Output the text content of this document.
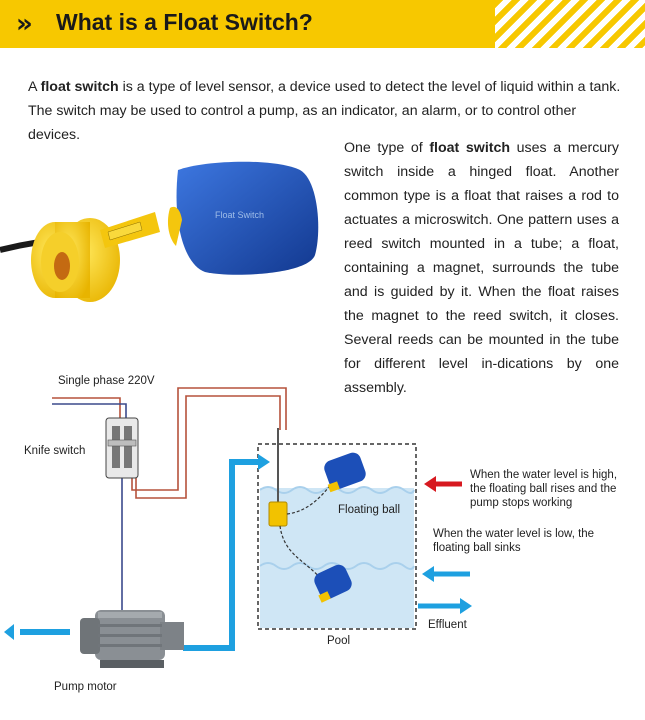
» What is a Float Switch?
A float switch is a type of level sensor, a device used to detect the level of liquid within a tank. The switch may be used to control a pump, as an indicator, an alarm, or to control other devices.
One type of float switch uses a mercury switch inside a hinged float. Another common type is a float that raises a rod to actuates a microswitch. One pattern uses a reed switch mounted in a tube; a float, containing a magnet, surrounds the tube and is guided by it. When the float raises the magnet to the reed switch, it closes. Several reeds can be mounted in the tube for different level in-dications by one assembly.
Float Switch
Single phase 220V
Knife switch
Floating ball
When the water level is high, the floating ball rises and the pump stops working
When the water level is low, the floating ball sinks
Effluent
Pool
Pump motor
